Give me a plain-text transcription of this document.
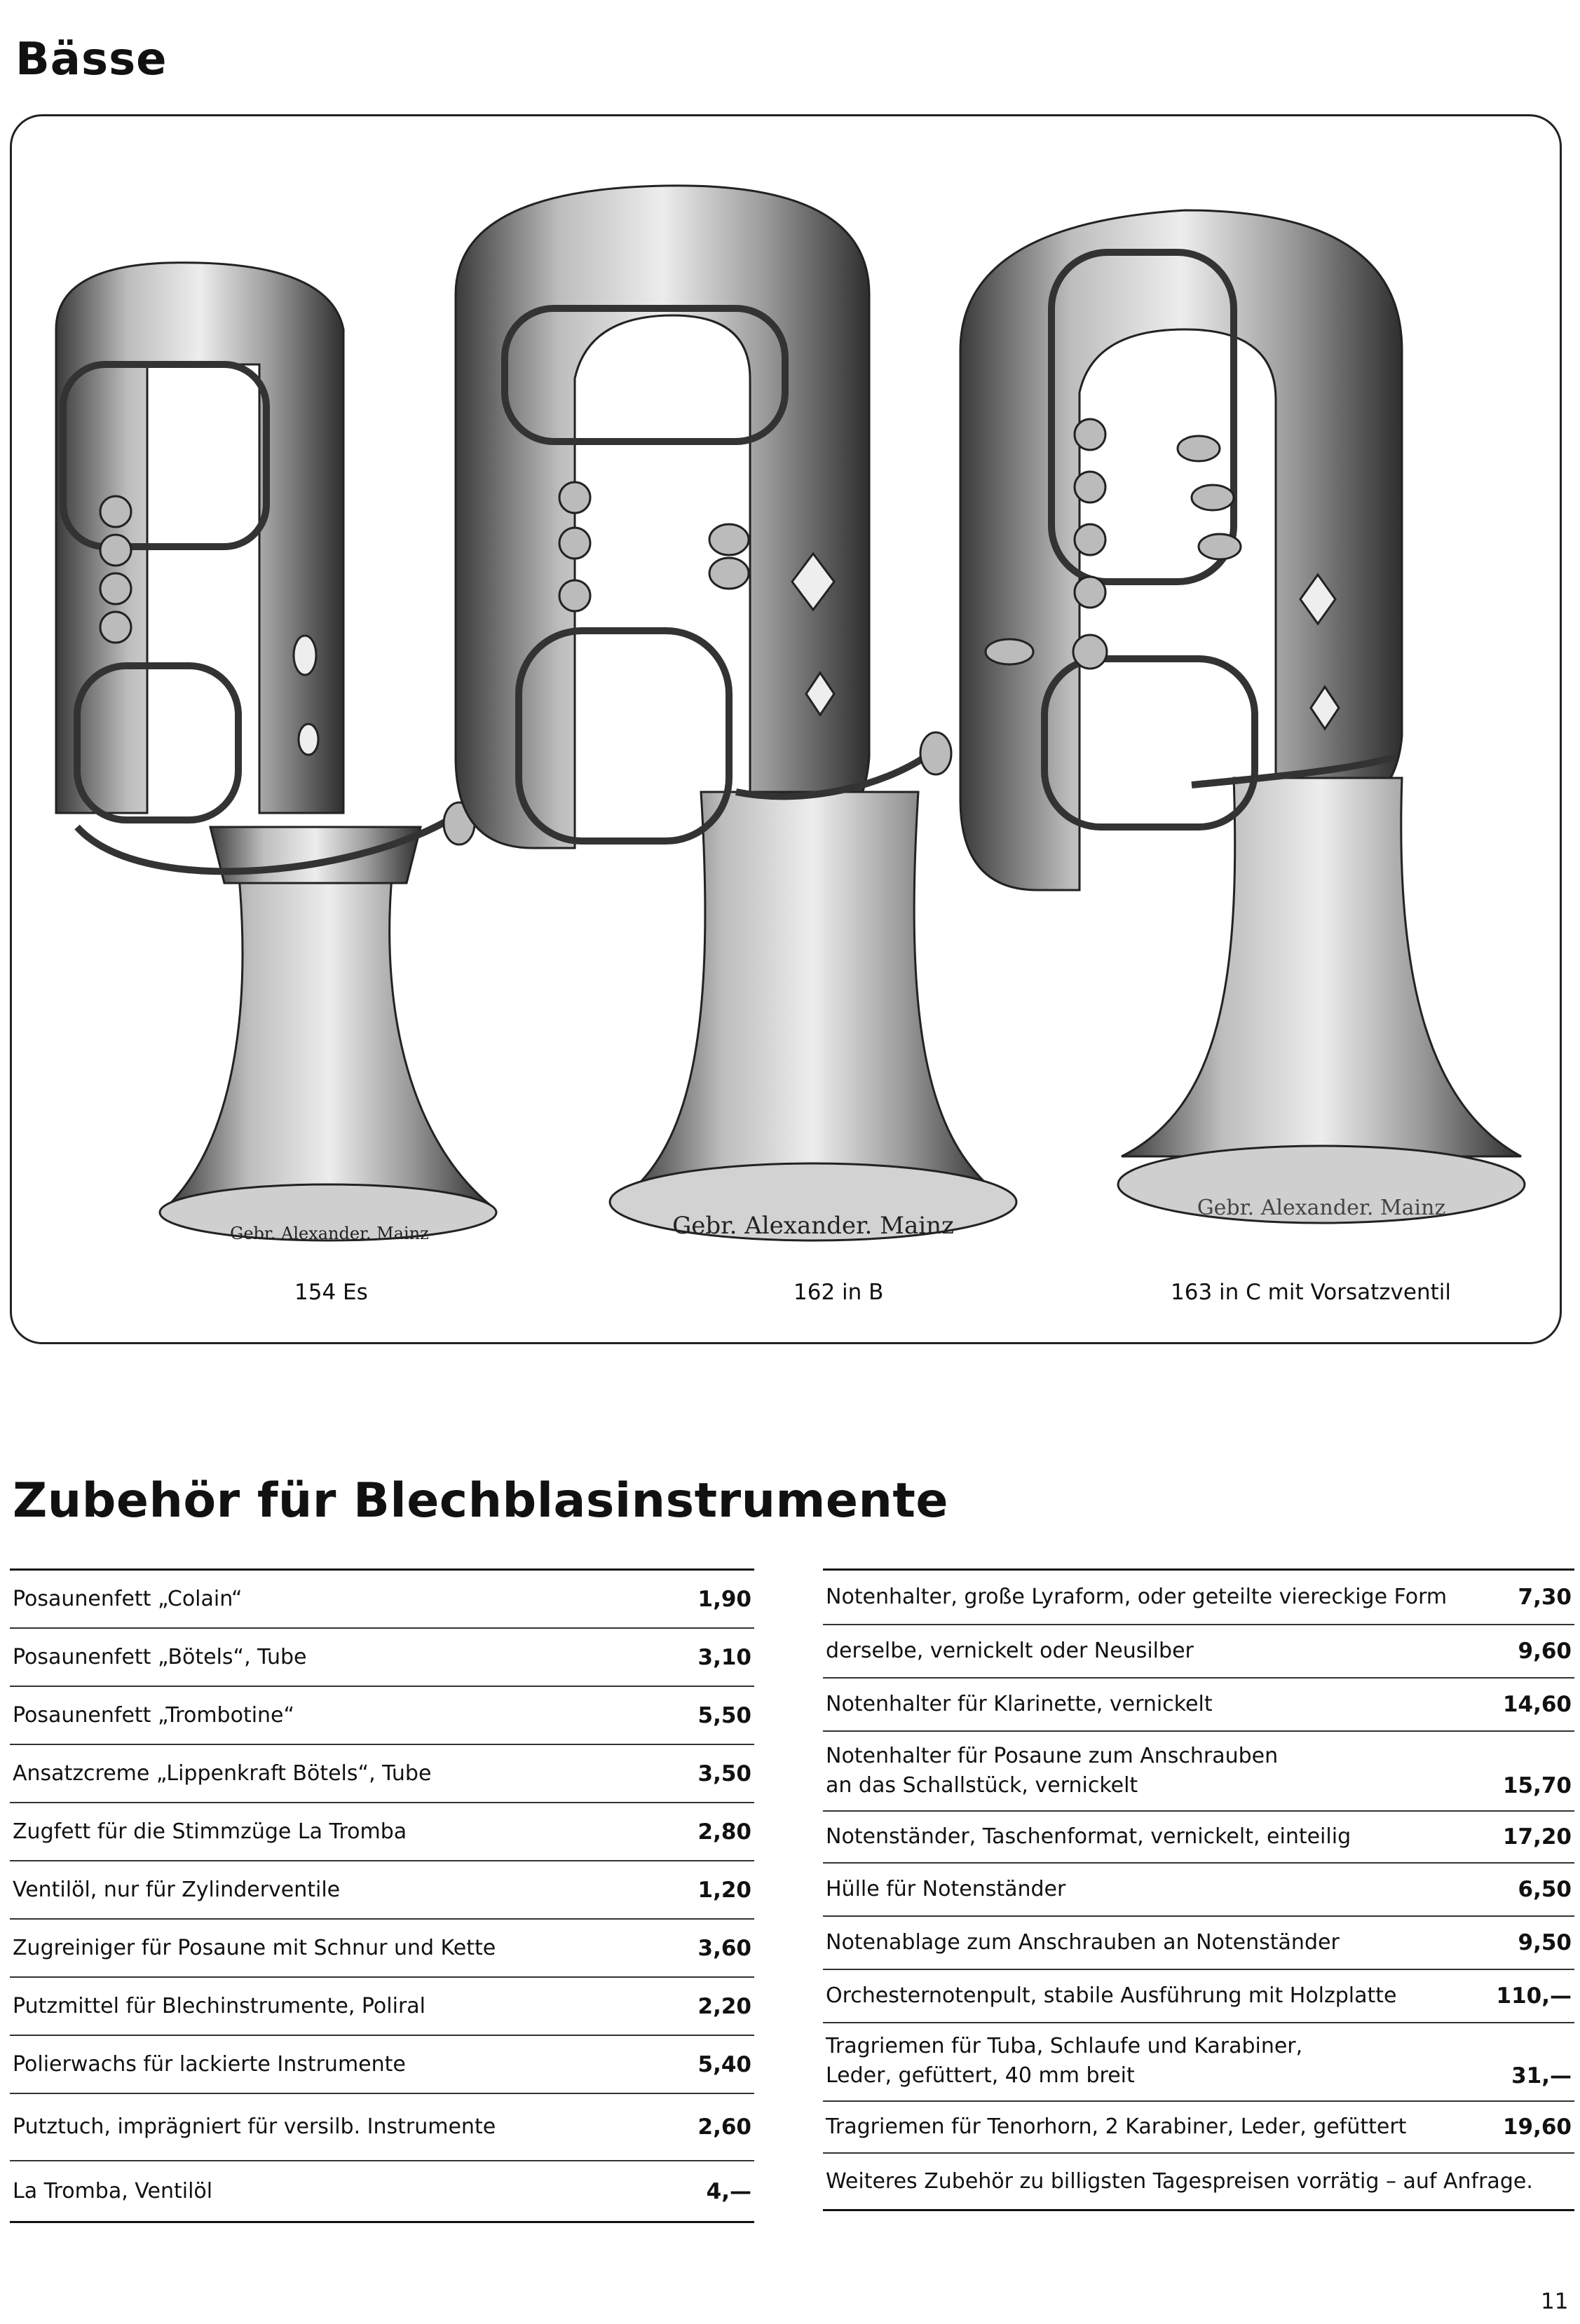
Bässe
Gebr. Alexander. Mainz	Gebr. Alexander. Mainz
Gebr. Alexander. Mainz
154 Es	162 in B	163 in C mit Vorsatzventil
Zubehör für Blechblasinstrumente
Posaunenfett „Colain“	1,90
Posaunenfett „Bötels“, Tube	3,10
Posaunenfett „Trombotine“	5,50
Ansatzcreme „Lippenkraft Bötels“, Tube	3,50
Zugfett für die Stimmzüge La Tromba	2,80
Ventilöl, nur für Zylinderventile	1,20
Zugreiniger für Posaune mit Schnur und Kette	3,60
Putzmittel für Blechinstrumente, Poliral	2,20
Polierwachs für lackierte Instrumente	5,40
Putztuch, imprägniert für versilb. Instrumente	2,60
La Tromba, Ventilöl	4,—
Notenhalter, große Lyraform, oder geteilte viereckige Form	7,30
derselbe, vernickelt oder Neusilber	9,60
Notenhalter für Klarinette, vernickelt	14,60
Notenhalter für Posaune zum Anschrauben
an das Schallstück, vernickelt	15,70
Notenständer, Taschenformat, vernickelt, einteilig	17,20
Hülle für Notenständer	6,50
Notenablage zum Anschrauben an Notenständer	9,50
Orchesternotenpult, stabile Ausführung mit Holzplatte	110,—
Tragriemen für Tuba, Schlaufe und Karabiner,
Leder, gefüttert, 40 mm breit	31,—
Tragriemen für Tenorhorn, 2 Karabiner, Leder, gefüttert	19,60
Weiteres Zubehör zu billigsten Tagespreisen vorrätig – auf Anfrage.
11
